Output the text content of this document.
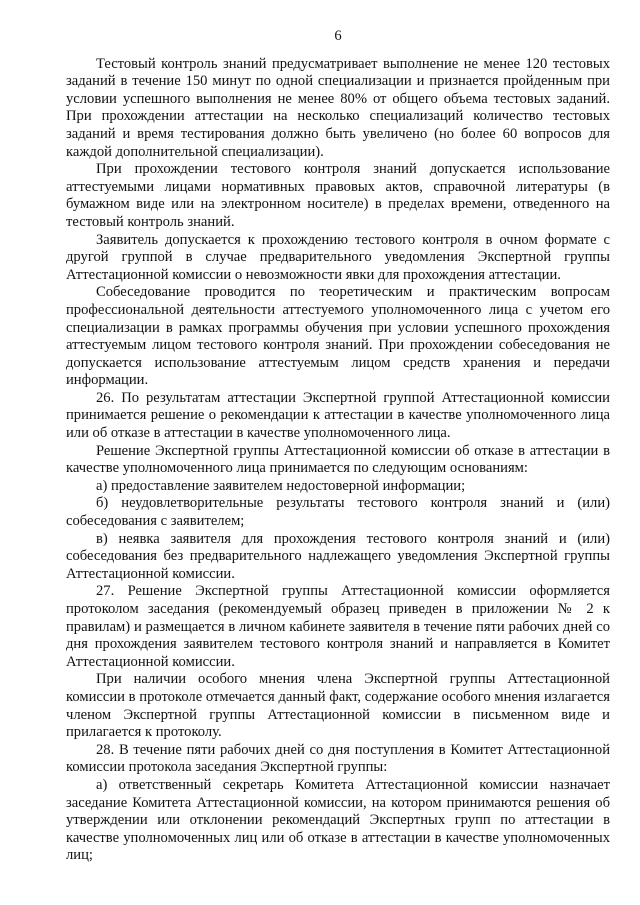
6

Тестовый контроль знаний предусматривает выполнение не менее 120 тестовых заданий в течение 150 минут по одной специализации и признается пройденным при условии успешного выполнения не менее 80% от общего объема тестовых заданий. При прохождении аттестации на несколько специализаций количество тестовых заданий и время тестирования должно быть увеличено (но более 60 вопросов для каждой дополнительной специализации).

При прохождении тестового контроля знаний допускается использование аттестуемыми лицами нормативных правовых актов, справочной литературы (в бумажном виде или на электронном носителе) в пределах времени, отведенного на тестовый контроль знаний.

Заявитель допускается к прохождению тестового контроля в очном формате с другой группой в случае предварительного уведомления Экспертной группы Аттестационной комиссии о невозможности явки для прохождения аттестации.

Собеседование проводится по теоретическим и практическим вопросам профессиональной деятельности аттестуемого уполномоченного лица с учетом его специализации в рамках программы обучения при условии успешного прохождения аттестуемым лицом тестового контроля знаний. При прохождении собеседования не допускается использование аттестуемым лицом средств хранения и передачи информации.

26. По результатам аттестации Экспертной группой Аттестационной комиссии принимается решение о рекомендации к аттестации в качестве уполномоченного лица или об отказе в аттестации в качестве уполномоченного лица.

Решение Экспертной группы Аттестационной комиссии об отказе в аттестации в качестве уполномоченного лица принимается по следующим основаниям:

а) предоставление заявителем недостоверной информации;

б) неудовлетворительные результаты тестового контроля знаний и (или) собеседования с заявителем;

в) неявка заявителя для прохождения тестового контроля знаний и (или) собеседования без предварительного надлежащего уведомления Экспертной группы Аттестационной комиссии.

27. Решение Экспертной группы Аттестационной комиссии оформляется протоколом заседания (рекомендуемый образец приведен в приложении № 2 к правилам) и размещается в личном кабинете заявителя в течение пяти рабочих дней со дня прохождения заявителем тестового контроля знаний и направляется в Комитет Аттестационной комиссии.

При наличии особого мнения члена Экспертной группы Аттестационной комиссии в протоколе отмечается данный факт, содержание особого мнения излагается членом Экспертной группы Аттестационной комиссии в письменном виде и прилагается к протоколу.

28. В течение пяти рабочих дней со дня поступления в Комитет Аттестационной комиссии протокола заседания Экспертной группы:

а) ответственный секретарь Комитета Аттестационной комиссии назначает заседание Комитета Аттестационной комиссии, на котором принимаются решения об утверждении или отклонении рекомендаций Экспертных групп по аттестации в качестве уполномоченных лиц или об отказе в аттестации в качестве уполномоченных лиц;
